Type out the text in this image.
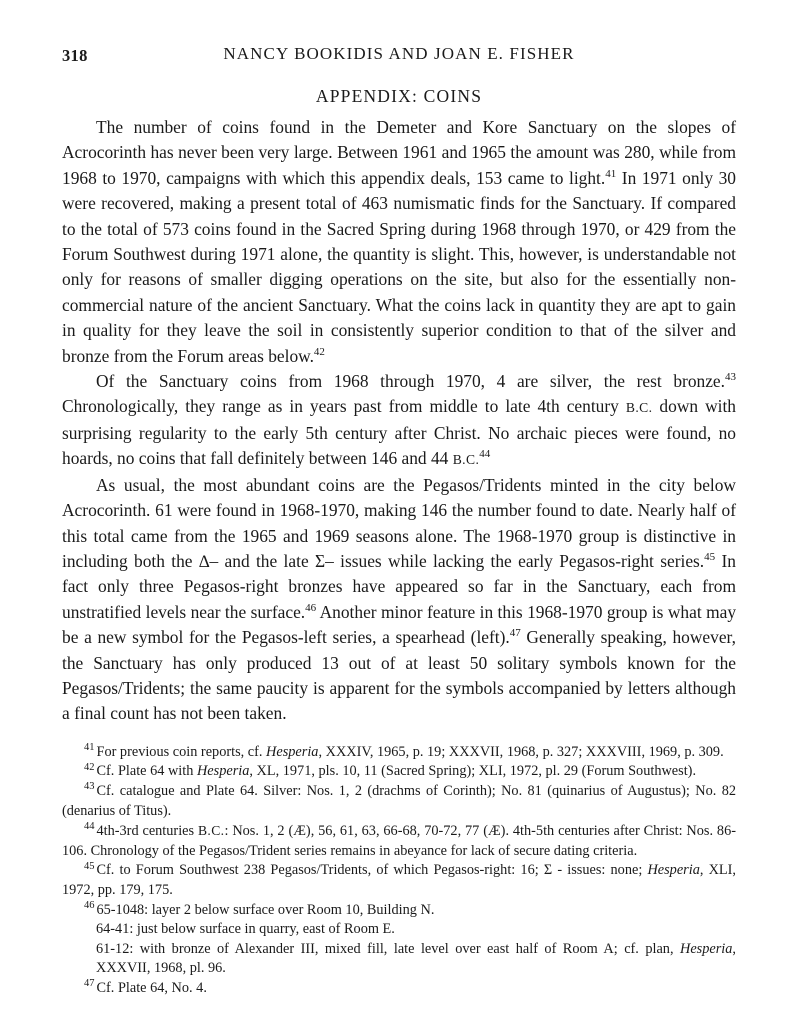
318	NANCY BOOKIDIS AND JOAN E. FISHER
APPENDIX: COINS

The number of coins found in the Demeter and Kore Sanctuary on the slopes of Acrocorinth has never been very large. Between 1961 and 1965 the amount was 280, while from 1968 to 1970, campaigns with which this appendix deals, 153 came to light.$^{41}$ In 1971 only 30 were recovered, making a present total of 463 numismatic finds for the Sanctuary. If compared to the total of 573 coins found in the Sacred Spring during 1968 through 1970, or 429 from the Forum Southwest during 1971 alone, the quantity is slight. This, however, is understandable not only for reasons of smaller digging operations on the site, but also for the essentially non-commercial nature of the ancient Sanctuary. What the coins lack in quantity they are apt to gain in quality for they leave the soil in consistently superior condition to that of the silver and bronze from the Forum areas below.$^{42}$

Of the Sanctuary coins from 1968 through 1970, 4 are silver, the rest bronze.$^{43}$ Chronologically, they range as in years past from middle to late 4th century B.C. down with surprising regularity to the early 5th century after Christ. No archaic pieces were found, no hoards, no coins that fall definitely between 146 and 44 B.C.$^{44}$

As usual, the most abundant coins are the Pegasos/Tridents minted in the city below Acrocorinth. 61 were found in 1968-1970, making 146 the number found to date. Nearly half of this total came from the 1965 and 1969 seasons alone. The 1968-1970 group is distinctive in including both the ∆– and the late Σ– issues while lacking the early Pegasos-right series.$^{45}$ In fact only three Pegasos-right bronzes have appeared so far in the Sanctuary, each from unstratified levels near the surface.$^{46}$ Another minor feature in this 1968-1970 group is what may be a new symbol for the Pegasos-left series, a spearhead (left).$^{47}$ Generally speaking, however, the Sanctuary has only produced 13 out of at least 50 solitary symbols known for the Pegasos/Tridents; the same paucity is apparent for the symbols accompanied by letters although a final count has not been taken.

$^{41}$ For previous coin reports, cf. Hesperia, XXXIV, 1965, p. 19; XXXVII, 1968, p. 327; XXXVIII, 1969, p. 309.
$^{42}$ Cf. Plate 64 with Hesperia, XL, 1971, pls. 10, 11 (Sacred Spring); XLI, 1972, pl. 29 (Forum Southwest).
$^{43}$ Cf. catalogue and Plate 64. Silver: Nos. 1, 2 (drachms of Corinth); No. 81 (quinarius of Augustus); No. 82 (denarius of Titus).
$^{44}$ 4th-3rd centuries B.C.: Nos. 1, 2 (Æ), 56, 61, 63, 66-68, 70-72, 77 (Æ). 4th-5th centuries after Christ: Nos. 86-106. Chronology of the Pegasos/Trident series remains in abeyance for lack of secure dating criteria.
$^{45}$ Cf. to Forum Southwest 238 Pegasos/Tridents, of which Pegasos-right: 16; Σ - issues: none; Hesperia, XLI, 1972, pp. 179, 175.
$^{46}$ 65-1048: layer 2 below surface over Room 10, Building N.
64-41: just below surface in quarry, east of Room E.
61-12: with bronze of Alexander III, mixed fill, late level over east half of Room A; cf. plan, Hesperia, XXXVII, 1968, pl. 96.
$^{47}$ Cf. Plate 64, No. 4.
